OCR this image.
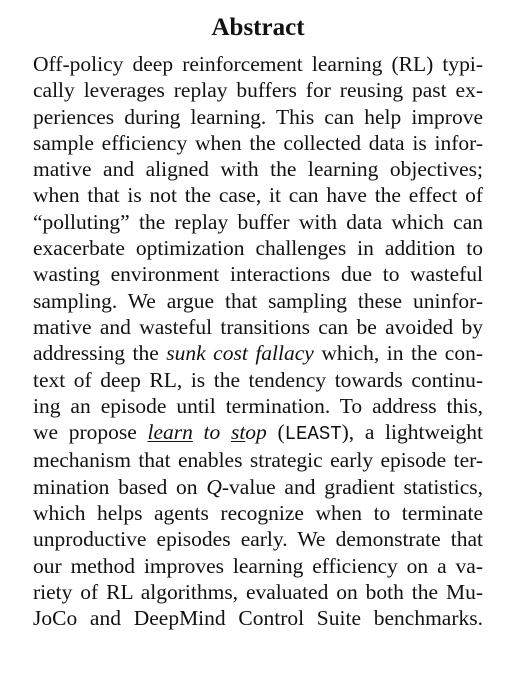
Abstract
Off-policy deep reinforcement learning (RL) typi-
cally leverages replay buffers for reusing past ex-
periences during learning. This can help improve
sample efficiency when the collected data is infor-
mative and aligned with the learning objectives;
when that is not the case, it can have the effect of
“polluting” the replay buffer with data which can
exacerbate optimization challenges in addition to
wasting environment interactions due to wasteful
sampling. We argue that sampling these uninfor-
mative and wasteful transitions can be avoided by
addressing the sunk cost fallacy which, in the con-
text of deep RL, is the tendency towards continu-
ing an episode until termination. To address this,
we propose learn to stop (LEAST), a lightweight
mechanism that enables strategic early episode ter-
mination based on Q-value and gradient statistics,
which helps agents recognize when to terminate
unproductive episodes early. We demonstrate that
our method improves learning efficiency on a va-
riety of RL algorithms, evaluated on both the Mu-
JoCo and DeepMind Control Suite benchmarks.
